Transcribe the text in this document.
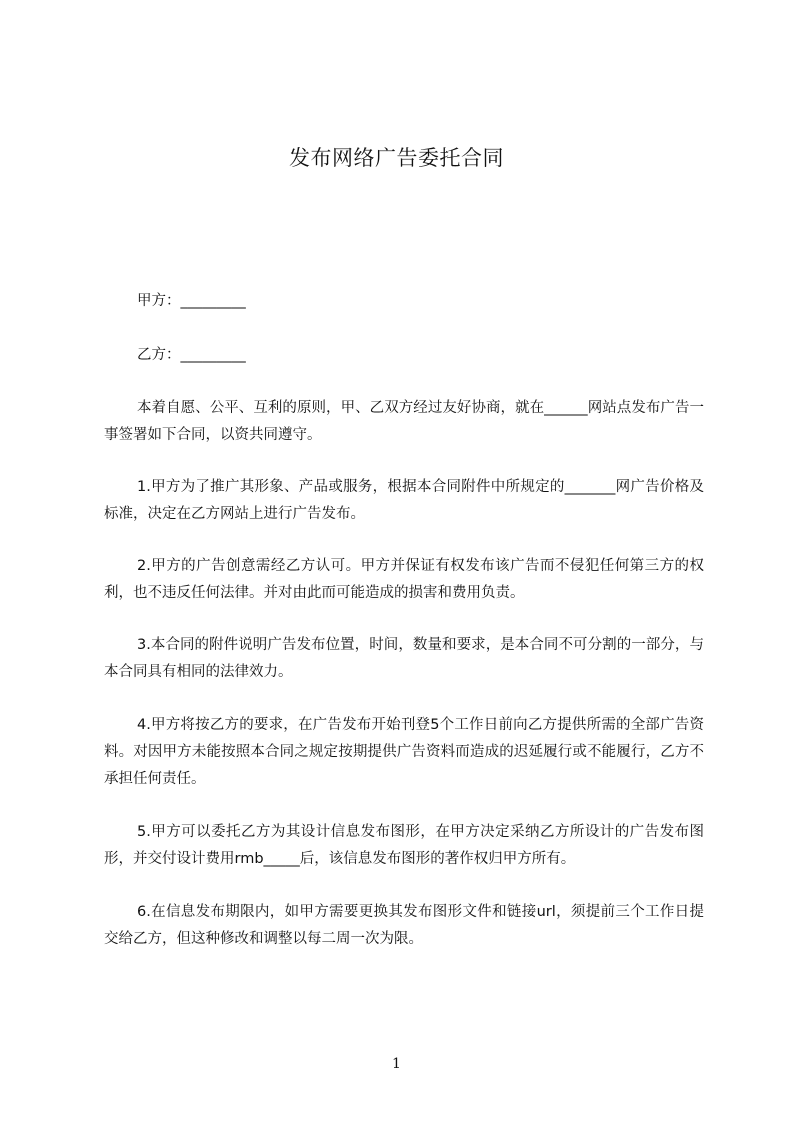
发布网络广告委托合同

甲方：_________

乙方：_________

本着自愿、公平、互利的原则，甲、乙双方经过友好协商，就在______网站点发布广告一事签署如下合同，以资共同遵守。

1.甲方为了推广其形象、产品或服务，根据本合同附件中所规定的_______网广告价格及标准，决定在乙方网站上进行广告发布。

2.甲方的广告创意需经乙方认可。甲方并保证有权发布该广告而不侵犯任何第三方的权利，也不违反任何法律。并对由此而可能造成的损害和费用负责。

3.本合同的附件说明广告发布位置，时间，数量和要求，是本合同不可分割的一部分，与本合同具有相同的法律效力。

4.甲方将按乙方的要求，在广告发布开始刊登5个工作日前向乙方提供所需的全部广告资料。对因甲方未能按照本合同之规定按期提供广告资料而造成的迟延履行或不能履行，乙方不承担任何责任。

5.甲方可以委托乙方为其设计信息发布图形，在甲方决定采纳乙方所设计的广告发布图形，并交付设计费用rmb_____后，该信息发布图形的著作权归甲方所有。

6.在信息发布期限内，如甲方需要更换其发布图形文件和链接url，须提前三个工作日提交给乙方，但这种修改和调整以每二周一次为限。

1
